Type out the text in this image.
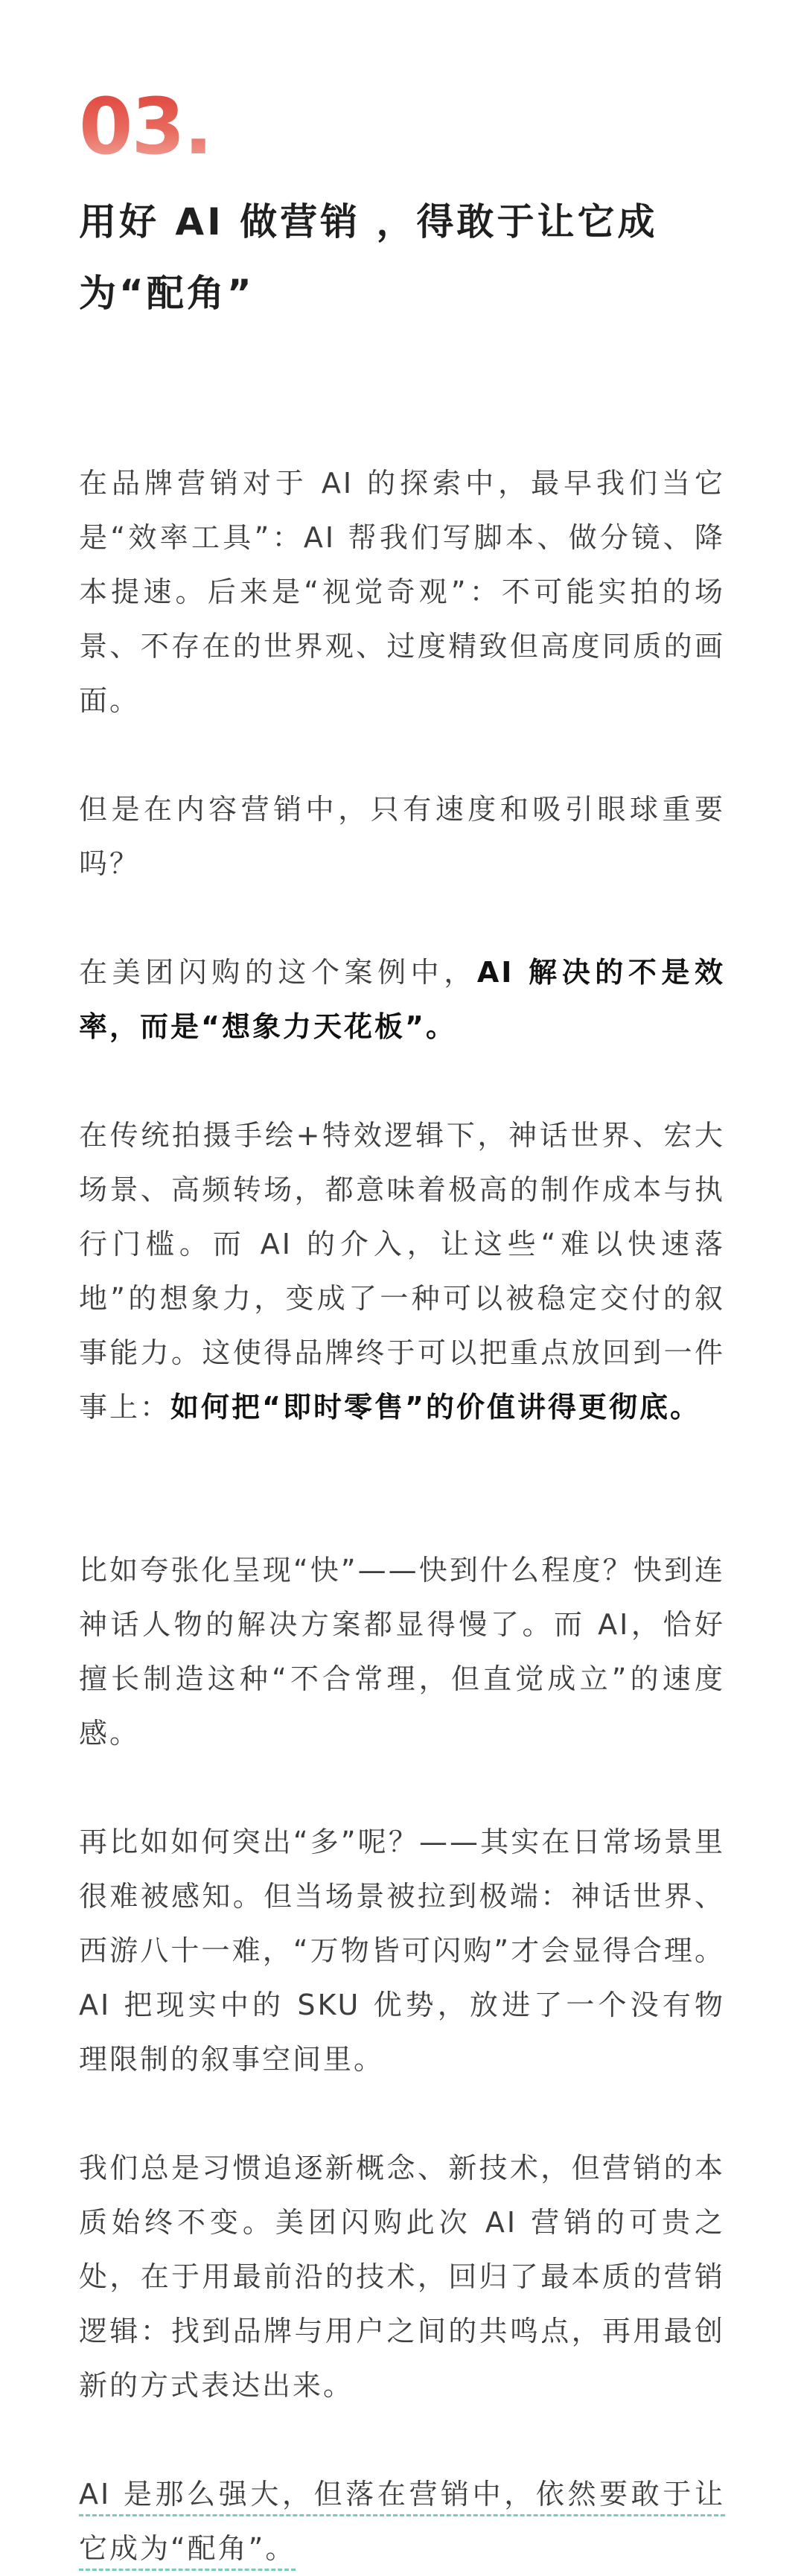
03.
用好 AI 做营销 ，得敢于让它成为“配角”

在品牌营销对于 AI 的探索中，最早我们当它是“效率工具”：AI 帮我们写脚本、做分镜、降本提速。后来是“视觉奇观”：不可能实拍的场景、不存在的世界观、过度精致但高度同质的画面。

但是在内容营销中，只有速度和吸引眼球重要吗？

在美团闪购的这个案例中，AI 解决的不是效率，而是“想象力天花板”。

在传统拍摄手绘+特效逻辑下，神话世界、宏大场景、高频转场，都意味着极高的制作成本与执行门槛。而 AI 的介入，让这些“难以快速落地”的想象力，变成了一种可以被稳定交付的叙事能力。这使得品牌终于可以把重点放回到一件事上：如何把“即时零售”的价值讲得更彻底。

比如夸张化呈现“快”——快到什么程度？快到连神话人物的解决方案都显得慢了。而 AI，恰好擅长制造这种“不合常理，但直觉成立”的速度感。

再比如如何突出“多”呢？——其实在日常场景里很难被感知。但当场景被拉到极端：神话世界、西游八十一难，“万物皆可闪购”才会显得合理。AI 把现实中的 SKU 优势，放进了一个没有物理限制的叙事空间里。

我们总是习惯追逐新概念、新技术，但营销的本质始终不变。美团闪购此次 AI 营销的可贵之处，在于用最前沿的技术，回归了最本质的营销逻辑：找到品牌与用户之间的共鸣点，再用最创新的方式表达出来。

AI 是那么强大，但落在营销中，依然要敢于让它成为“配角”。
